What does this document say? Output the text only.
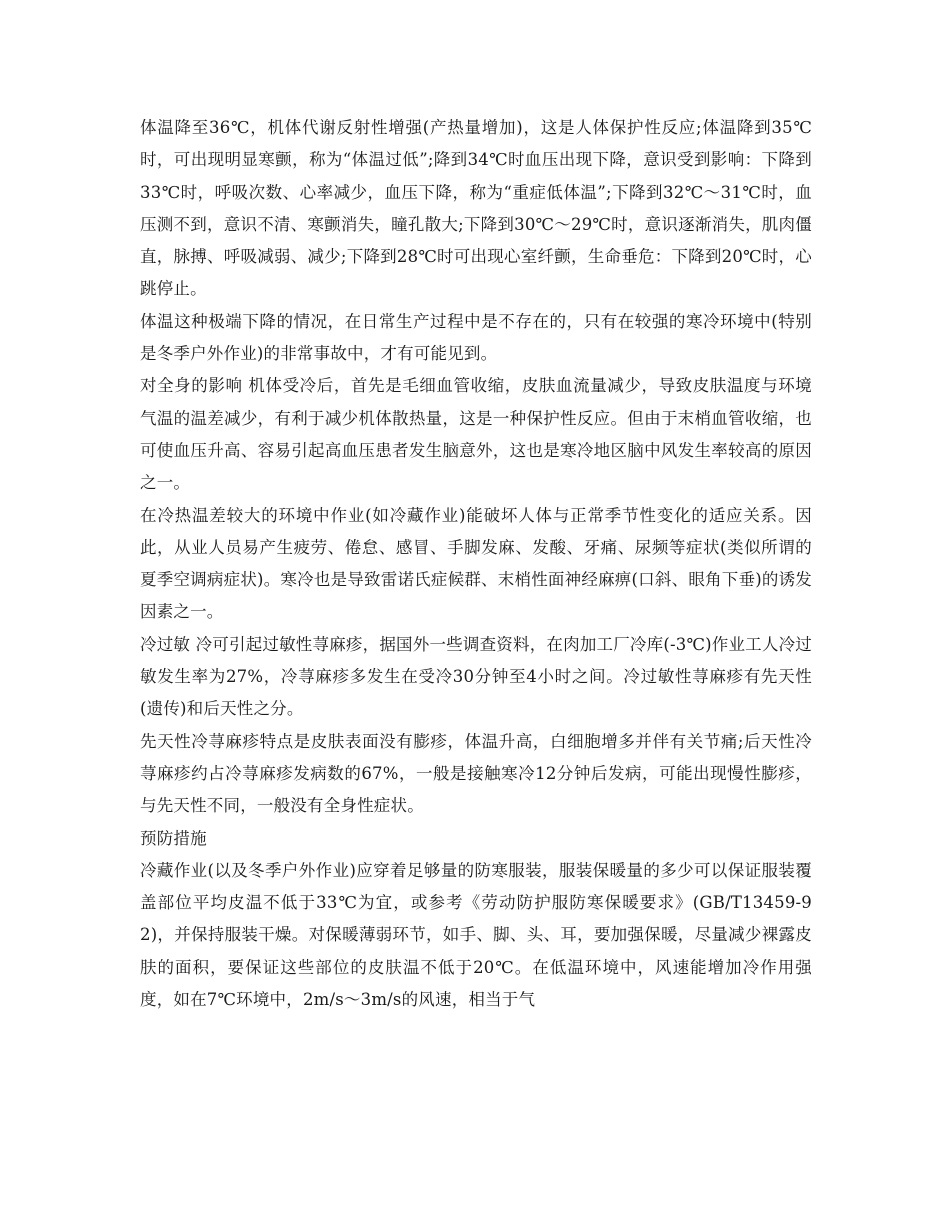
体温降至36℃，机体代谢反射性增强(产热量增加)，这是人体保护性反应;体温降到35℃时，可出现明显寒颤，称为“体温过低”;降到34℃时血压出现下降，意识受到影响：下降到33℃时，呼吸次数、心率减少，血压下降，称为“重症低体温”;下降到32℃～31℃时，血压测不到，意识不清、寒颤消失，瞳孔散大;下降到30℃～29℃时，意识逐渐消失，肌肉僵直，脉搏、呼吸减弱、减少;下降到28℃时可出现心室纤颤，生命垂危：下降到20℃时，心跳停止。

体温这种极端下降的情况，在日常生产过程中是不存在的，只有在较强的寒冷环境中(特别是冬季户外作业)的非常事故中，才有可能见到。

对全身的影响 机体受冷后，首先是毛细血管收缩，皮肤血流量减少，导致皮肤温度与环境气温的温差减少，有利于减少机体散热量，这是一种保护性反应。但由于末梢血管收缩，也可使血压升高、容易引起高血压患者发生脑意外，这也是寒冷地区脑中风发生率较高的原因之一。

在冷热温差较大的环境中作业(如冷藏作业)能破坏人体与正常季节性变化的适应关系。因此，从业人员易产生疲劳、倦怠、感冒、手脚发麻、发酸、牙痛、尿频等症状(类似所谓的夏季空调病症状)。寒冷也是导致雷诺氏症候群、末梢性面神经麻痹(口斜、眼角下垂)的诱发因素之一。

冷过敏 冷可引起过敏性荨麻疹，据国外一些调查资料，在肉加工厂冷库(-3℃)作业工人冷过敏发生率为27%，冷荨麻疹多发生在受冷30分钟至4小时之间。冷过敏性荨麻疹有先天性(遗传)和后天性之分。

先天性冷荨麻疹特点是皮肤表面没有膨疹，体温升高，白细胞增多并伴有关节痛;后天性冷荨麻疹约占冷荨麻疹发病数的67%，一般是接触寒冷12分钟后发病，可能出现慢性膨疹，与先天性不同，一般没有全身性症状。

预防措施

冷藏作业(以及冬季户外作业)应穿着足够量的防寒服装，服装保暖量的多少可以保证服装覆盖部位平均皮温不低于33℃为宜，或参考《劳动防护服防寒保暖要求》(GB/T13459-92)，并保持服装干燥。对保暖薄弱环节，如手、脚、头、耳，要加强保暖，尽量减少裸露皮肤的面积，要保证这些部位的皮肤温不低于20℃。在低温环境中，风速能增加冷作用强度，如在7℃环境中，2m/s～3m/s的风速，相当于气
